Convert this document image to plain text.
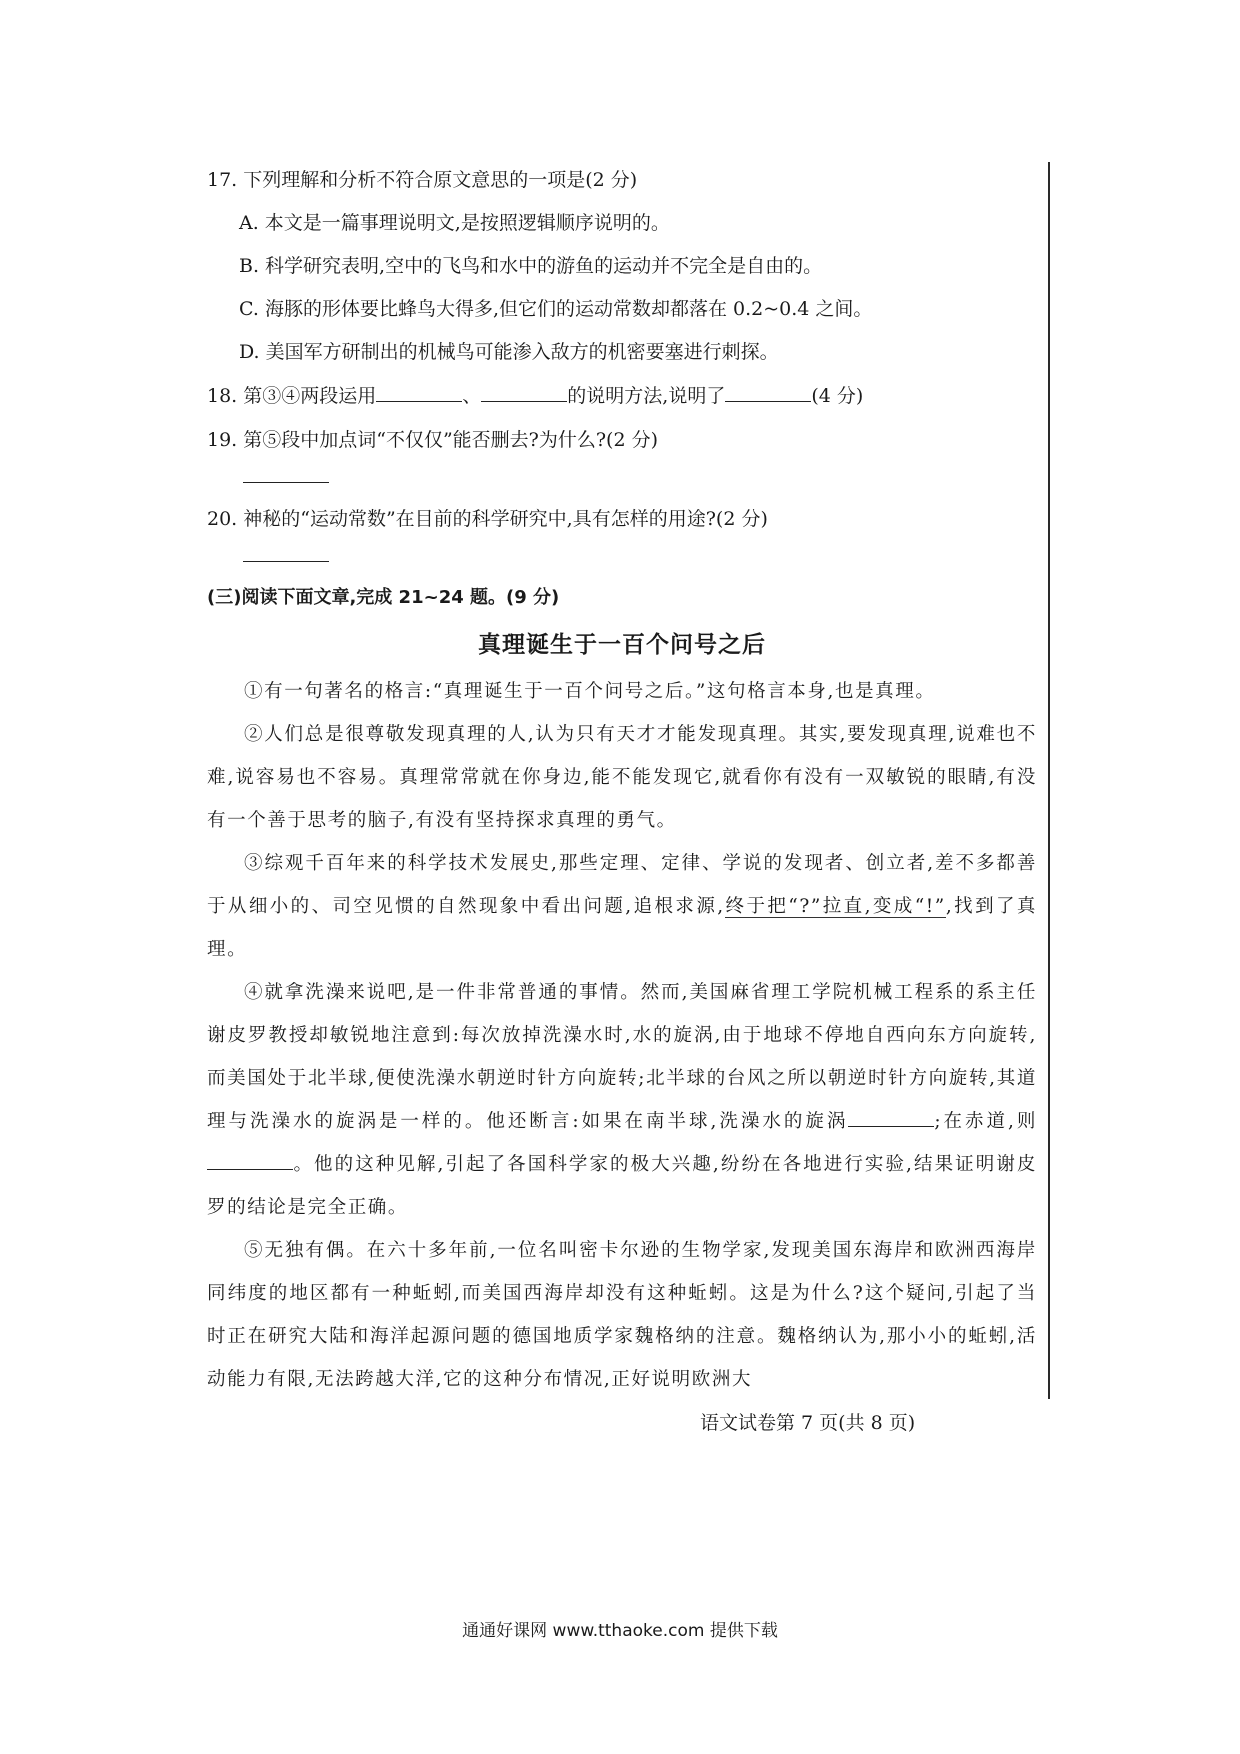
17. 下列理解和分析不符合原文意思的一项是(2 分)
A. 本文是一篇事理说明文,是按照逻辑顺序说明的。
B. 科学研究表明,空中的飞鸟和水中的游鱼的运动并不完全是自由的。
C. 海豚的形体要比蜂鸟大得多,但它们的运动常数却都落在 0.2~0.4 之间。
D. 美国军方研制出的机械鸟可能渗入敌方的机密要塞进行刺探。
18. 第③④两段运用	、	的说明方法,说明了	(4 分)
19. 第⑤段中加点词“不仅仅”能否删去?为什么?(2 分)
20. 神秘的“运动常数”在目前的科学研究中,具有怎样的用途?(2 分)
(三)阅读下面文章,完成 21~24 题。(9 分)
真理诞生于一百个问号之后

①有一句著名的格言:“真理诞生于一百个问号之后。”这句格言本身,也是真理。

②人们总是很尊敬发现真理的人,认为只有天才才能发现真理。其实,要发现真理,说难也不难,说容易也不容易。真理常常就在你身边,能不能发现它,就看你有没有一双敏锐的眼睛,有没有一个善于思考的脑子,有没有坚持探求真理的勇气。

③综观千百年来的科学技术发展史,那些定理、定律、学说的发现者、创立者,差不多都善于从细小的、司空见惯的自然现象中看出问题,追根求源,终于把“?”拉直,变成“!”,找到了真理。

④就拿洗澡来说吧,是一件非常普通的事情。然而,美国麻省理工学院机械工程系的系主任谢皮罗教授却敏锐地注意到:每次放掉洗澡水时,水的旋涡,由于地球不停地自西向东方向旋转,而美国处于北半球,便使洗澡水朝逆时针方向旋转;北半球的台风之所以朝逆时针方向旋转,其道理与洗澡水的旋涡是一样的。他还断言:如果在南半球,洗澡水的旋涡	;在赤道,则。他的这种见解,引起了各国科学家的极大兴趣,纷纷在各地进行实验,结果证明谢皮罗的结论是完全正确。

⑤无独有偶。在六十多年前,一位名叫密卡尔逊的生物学家,发现美国东海岸和欧洲西海岸同纬度的地区都有一种蚯蚓,而美国西海岸却没有这种蚯蚓。这是为什么?这个疑问,引起了当时正在研究大陆和海洋起源问题的德国地质学家魏格纳的注意。魏格纳认为,那小小的蚯蚓,活动能力有限,无法跨越大洋,它的这种分布情况,正好说明欧洲大

语文试卷第 7 页(共 8 页)
通通好课网 www.tthaoke.com 提供下载
